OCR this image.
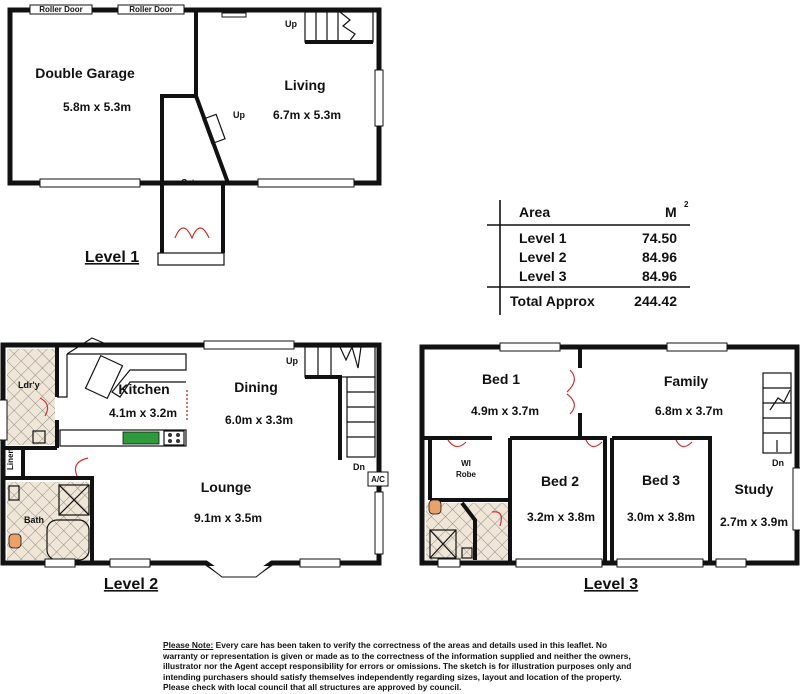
Roller Door	Roller Door
Up
Up
Gate
Double Garage
5.8m x 5.3m
Living
6.7m x 5.3m
Level 1
Area	M 2
Level 1	74.50
Level 2	84.96
Level 3	84.96
Total Approx	244.42
Up
Dn
A/C
Ldr'y
Linen
Bath
Kitchen
4.1m x 3.2m
Dining
6.0m x 3.3m
Lounge
9.1m x 3.5m
Level 2
Dn
Bed 1
4.9m x 3.7m
Family
6.8m x 3.7m
WI
Robe	Bed 2
3.2m x 3.8m
Bed 3
3.0m x 3.8m
Study
2.7m x 3.9m
Level 3
Please Note: Every care has been taken to verify the correctness of the areas and details used in this leaflet. No warranty or representation is given or made as to the correctness of the information supplied and neither the owners, illustrator nor the Agent accept responsibility for errors or omissions. The sketch is for illustration purposes only and intending purchasers should satisfy themselves independently regarding sizes, layout and location of the property. Please check with local council that all structures are approved by council.
